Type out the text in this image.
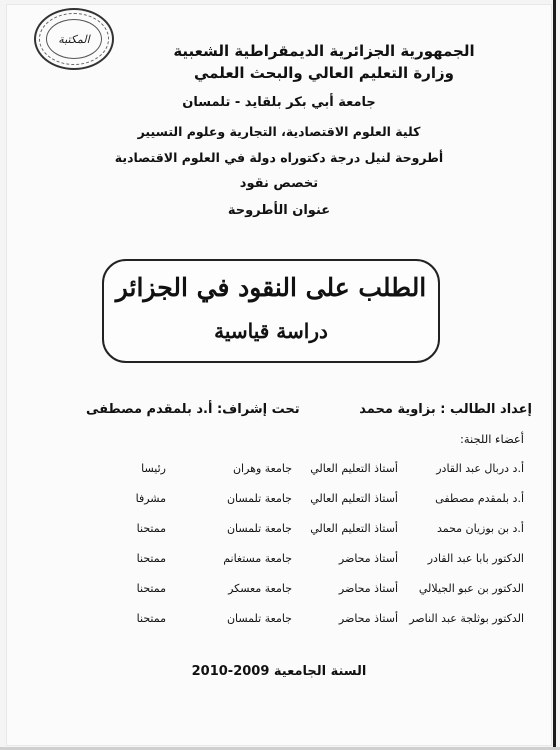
المكتبة
الجمهورية الجزائرية الديمقراطية الشعبية
وزارة التعليم العالي والبحث العلمي
جامعة أبي بكر بلقايد - تلمسان
كلية العلوم الاقتصادية، التجارية وعلوم التسيير
أطروحة لنيل درجة دكتوراه دولة في العلوم الاقتصادية
تخصص نقود
عنوان الأطروحة
الطلب على النقود في الجزائر
دراسة قياسية
إعداد الطالب : بزاوية محمد
تحت إشراف: أ.د بلمقدم مصطفى
أعضاء اللجنة:
أ.د دربال عبد القادر
أستاذ التعليم العالي
جامعة وهران
رئيسا
أ.د بلمقدم مصطفى
أستاذ التعليم العالي
جامعة تلمسان
مشرفا
أ.د بن بوزيان محمد
أستاذ التعليم العالي
جامعة تلمسان
ممتحنا
الدكتور بابا عبد القادر
أستاذ محاضر
جامعة مستغانم
ممتحنا
الدكتور بن عبو الجيلالي
أستاذ محاضر
جامعة معسكر
ممتحنا
الدكتور بوثلجة عبد الناصر
أستاذ محاضر
جامعة تلمسان
ممتحنا
السنة الجامعية 2009-2010
